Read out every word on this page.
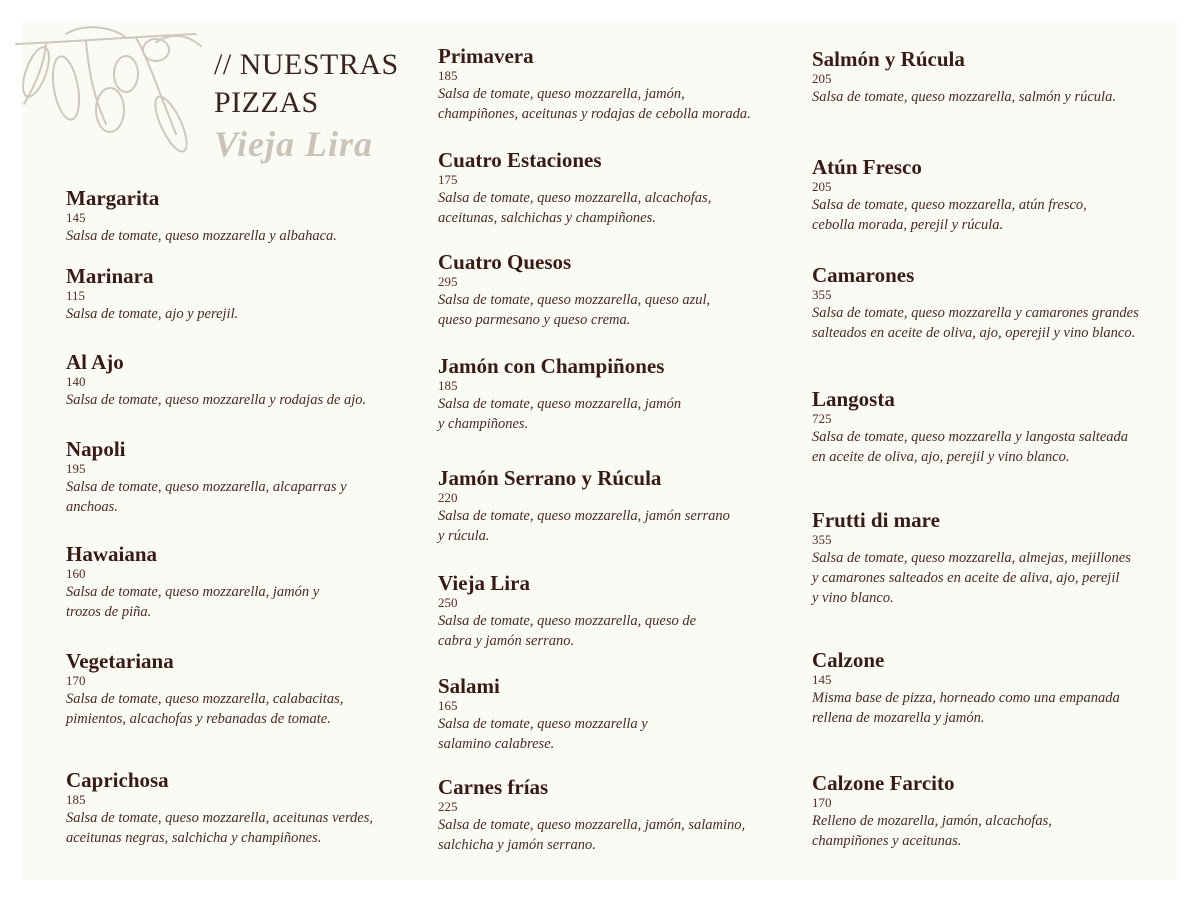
// NUESTRAS
PIZZAS
Vieja Lira
Margarita
145
Salsa de tomate, queso mozzarella y albahaca.
Marinara
115
Salsa de tomate, ajo y perejil.
Al Ajo
140
Salsa de tomate, queso mozzarella y rodajas de ajo.
Napoli
195
Salsa de tomate, queso mozzarella, alcaparras y
anchoas.
Hawaiana
160
Salsa de tomate, queso mozzarella, jamón y
trozos de piña.
Vegetariana
170
Salsa de tomate, queso mozzarella, calabacitas,
pimientos, alcachofas y rebanadas de tomate.
Caprichosa
185
Salsa de tomate, queso mozzarella, aceitunas verdes,
aceitunas negras, salchicha y champiñones.
Primavera
185
Salsa de tomate, queso mozzarella, jamón,
champiñones, aceitunas y rodajas de cebolla morada.
Cuatro Estaciones
175
Salsa de tomate, queso mozzarella, alcachofas,
aceitunas, salchichas y champiñones.
Cuatro Quesos
295
Salsa de tomate, queso mozzarella, queso azul,
queso parmesano y queso crema.
Jamón con Champiñones
185
Salsa de tomate, queso mozzarella, jamón
y champiñones.
Jamón Serrano y Rúcula
220
Salsa de tomate, queso mozzarella, jamón serrano
y rúcula.
Vieja Lira
250
Salsa de tomate, queso mozzarella, queso de
cabra y jamón serrano.
Salami
165
Salsa de tomate, queso mozzarella y
salamino calabrese.
Carnes frías
225
Salsa de tomate, queso mozzarella, jamón, salamino,
salchicha y jamón serrano.
Salmón y Rúcula
205
Salsa de tomate, queso mozzarella, salmón y rúcula.
Atún Fresco
205
Salsa de tomate, queso mozzarella, atún fresco,
cebolla morada, perejil y rúcula.
Camarones
355
Salsa de tomate, queso mozzarella y camarones grandes
salteados en aceite de oliva, ajo, operejil y vino blanco.
Langosta
725
Salsa de tomate, queso mozzarella y langosta salteada
en aceite de oliva, ajo, perejil y vino blanco.
Frutti di mare
355
Salsa de tomate, queso mozzarella, almejas, mejillones
y camarones salteados en aceite de aliva, ajo, perejil
y vino blanco.
Calzone
145
Misma base de pizza, horneado como una empanada
rellena de mozarella y jamón.
Calzone Farcito
170
Relleno de mozarella, jamón, alcachofas,
champiñones y aceitunas.
